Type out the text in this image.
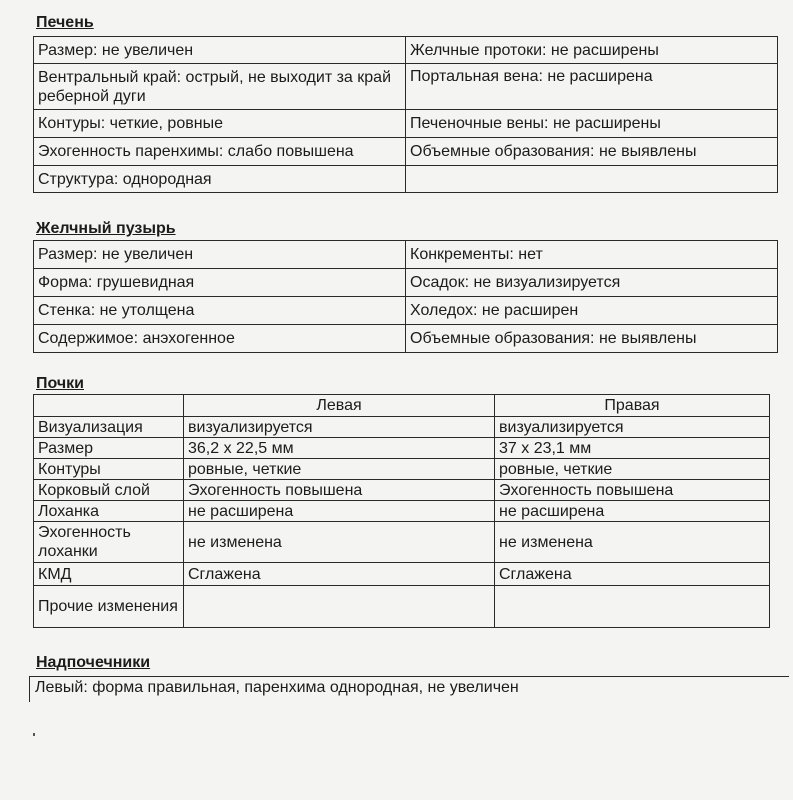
Печень
Размер: не увеличен	Желчные протоки: не расширены
Вентральный край: острый, не выходит за край реберной дуги	Портальная вена: не расширена
Контуры: четкие, ровные	Печеночные вены: не расширены
Эхогенность паренхимы: слабо повышена	Объемные образования: не выявлены
Структура: однородная	
Желчный пузырь
Размер: не увеличен	Конкременты: нет
Форма: грушевидная	Осадок: не визуализируется
Стенка: не утолщена	Холедох: не расширен
Содержимое: анэхогенное	Объемные образования: не выявлены
Почки
	Левая	Правая
Визуализация	визуализируется	визуализируется
Размер	36,2 х 22,5 мм	37 х 23,1 мм
Контуры	ровные, четкие	ровные, четкие
Корковый слой	Эхогенность повышена	Эхогенность повышена
Лоханка	не расширена	не расширена
Эхогенность лоханки	не изменена	не изменена
КМД	Сглажена	Сглажена
Прочие изменения		
Надпочечники
Левый: форма правильная, паренхима однородная, не увеличен
